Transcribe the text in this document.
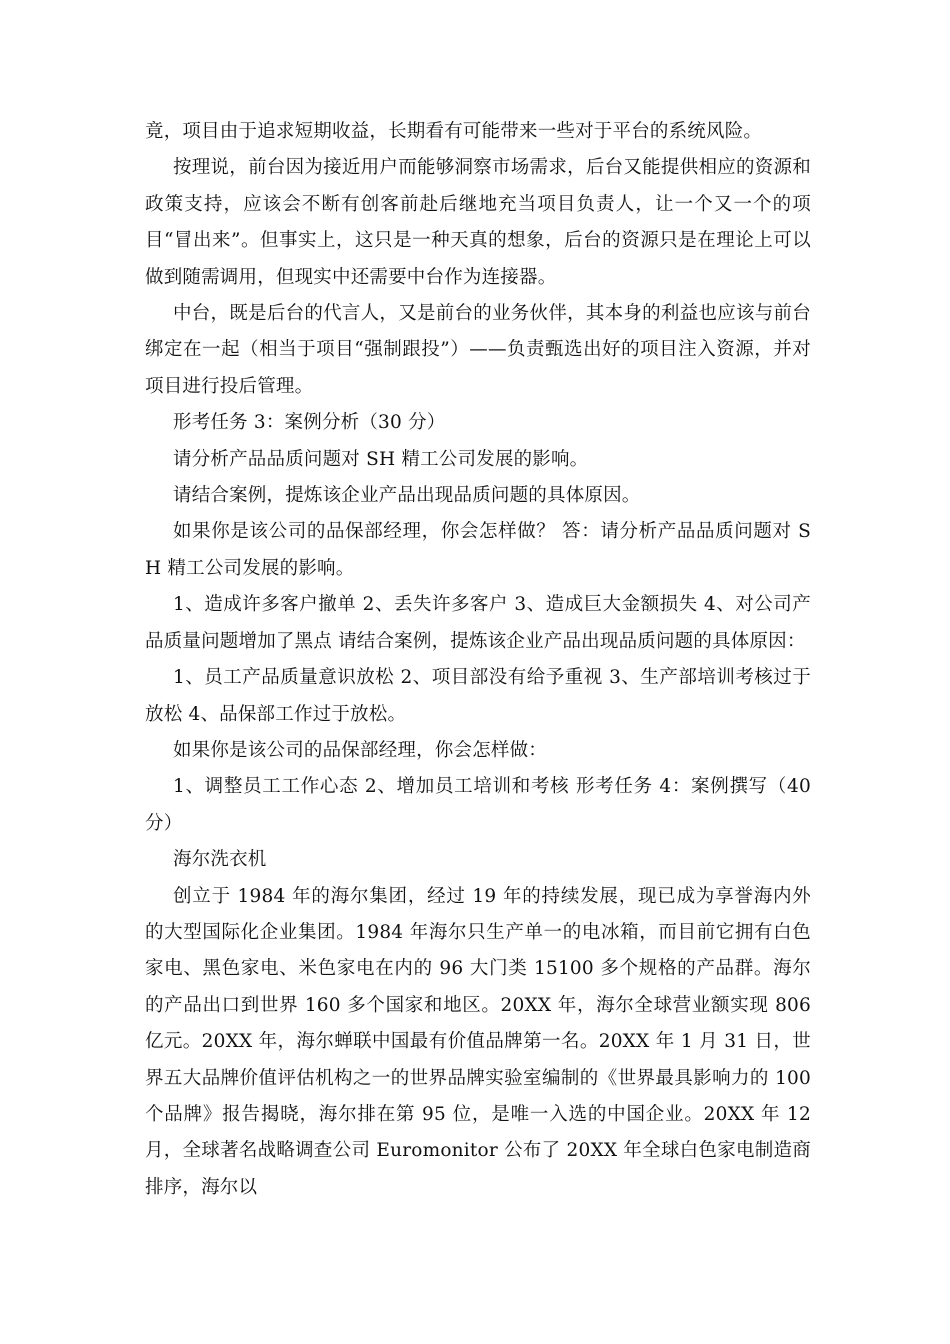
竟，项目由于追求短期收益，长期看有可能带来一些对于平台的系统风险。

按理说，前台因为接近用户而能够洞察市场需求，后台又能提供相应的资源和政策支持，应该会不断有创客前赴后继地充当项目负责人，让一个又一个的项目“冒出来”。但事实上，这只是一种天真的想象，后台的资源只是在理论上可以做到随需调用，但现实中还需要中台作为连接器。

中台，既是后台的代言人，又是前台的业务伙伴，其本身的利益也应该与前台绑定在一起（相当于项目“强制跟投”）——负责甄选出好的项目注入资源，并对项目进行投后管理。

形考任务 3：案例分析（30 分）

请分析产品品质问题对 SH 精工公司发展的影响。

请结合案例，提炼该企业产品出现品质问题的具体原因。

如果你是该公司的品保部经理，你会怎样做？ 答：请分析产品品质问题对 SH 精工公司发展的影响。

1、造成许多客户撤单 2、丢失许多客户 3、造成巨大金额损失 4、对公司产品质量问题增加了黑点 请结合案例，提炼该企业产品出现品质问题的具体原因：

1、员工产品质量意识放松 2、项目部没有给予重视 3、生产部培训考核过于放松 4、品保部工作过于放松。

如果你是该公司的品保部经理，你会怎样做：

1、调整员工工作心态 2、增加员工培训和考核 形考任务 4：案例撰写（40 分）

海尔洗衣机

创立于 1984 年的海尔集团，经过 19 年的持续发展，现已成为享誉海内外的大型国际化企业集团。1984 年海尔只生产单一的电冰箱，而目前它拥有白色家电、黑色家电、米色家电在内的 96 大门类 15100 多个规格的产品群。海尔的产品出口到世界 160 多个国家和地区。20XX 年，海尔全球营业额实现 806 亿元。20XX 年，海尔蝉联中国最有价值品牌第一名。20XX 年 1 月 31 日，世界五大品牌价值评估机构之一的世界品牌实验室编制的《世界最具影响力的 100 个品牌》报告揭晓，海尔排在第 95 位，是唯一入选的中国企业。20XX 年 12 月，全球著名战略调查公司 Euromonitor 公布了 20XX 年全球白色家电制造商排序，海尔以
